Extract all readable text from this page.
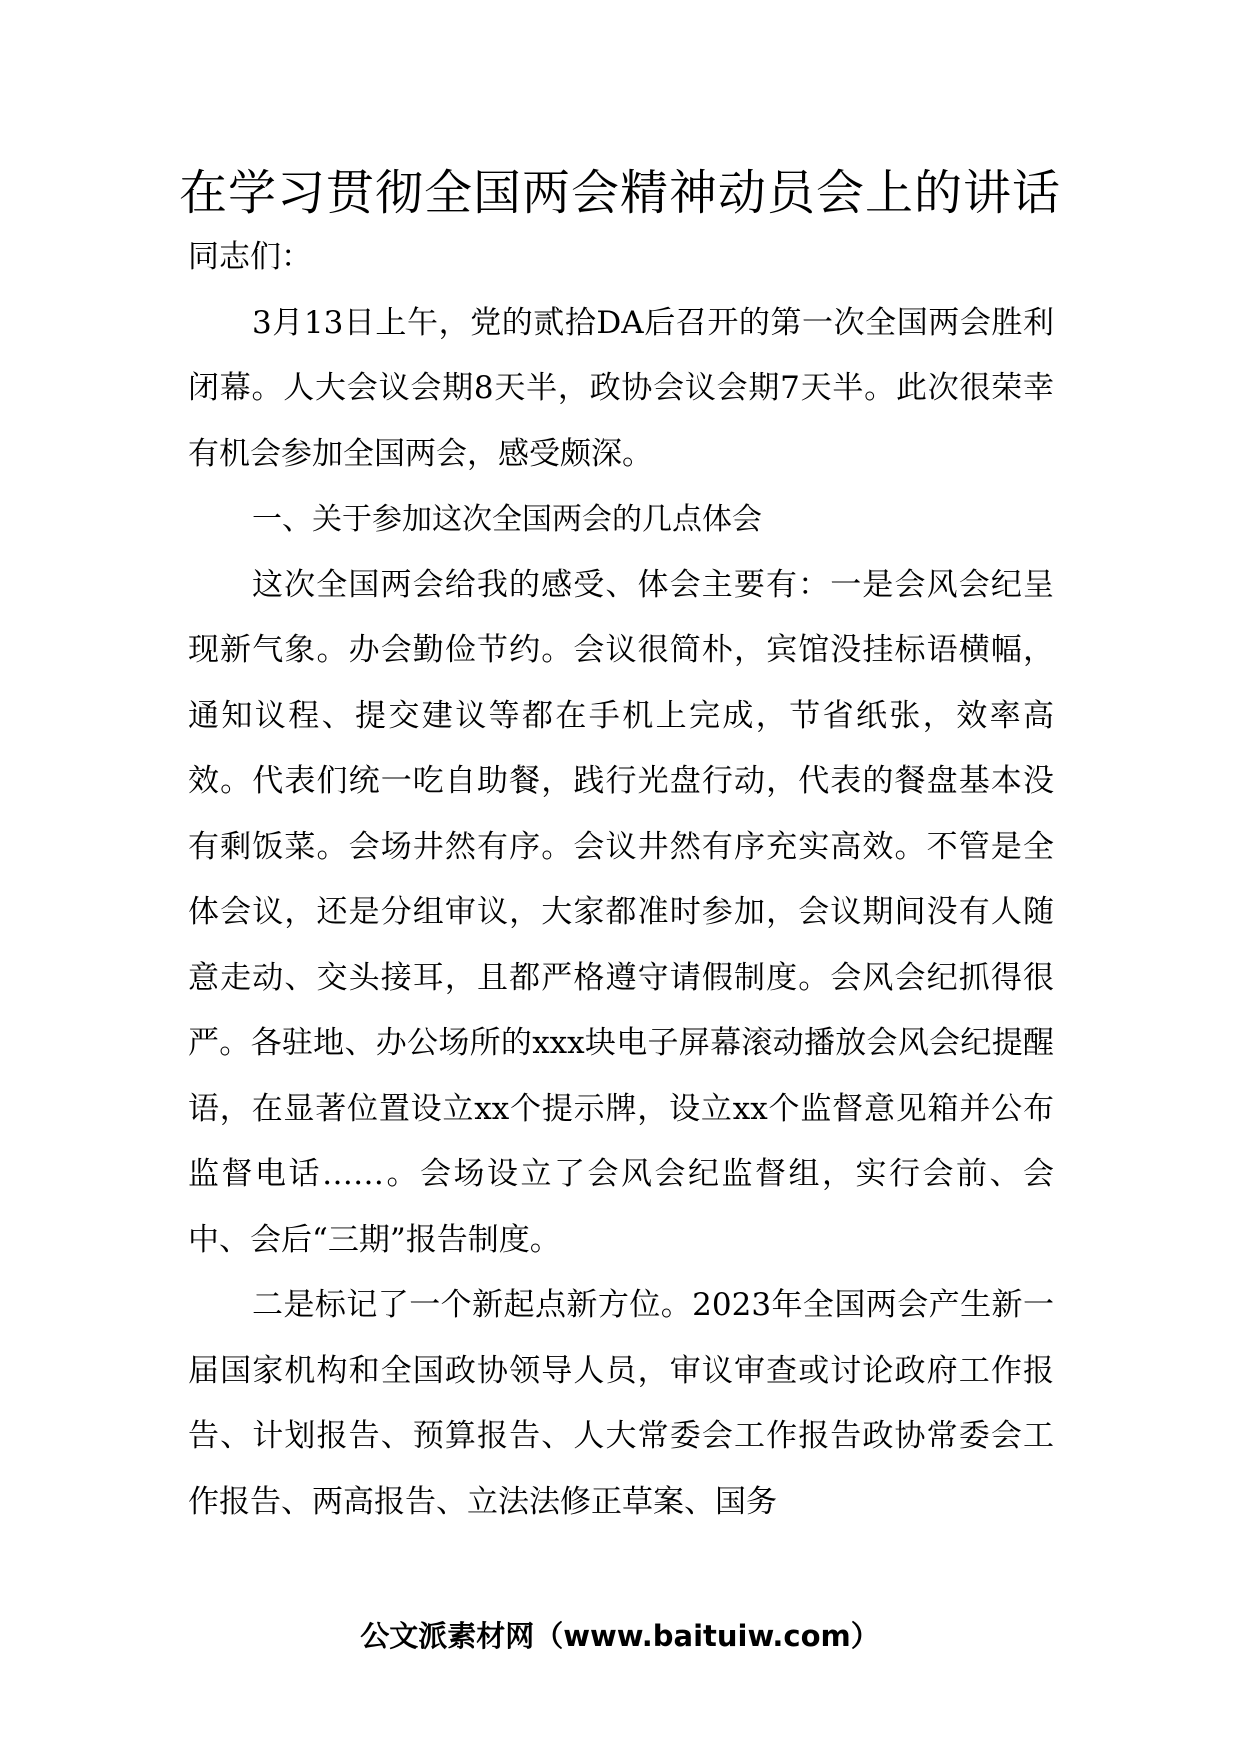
在学习贯彻全国两会精神动员会上的讲话

同志们：

3月13日上午，党的贰拾DA后召开的第一次全国两会胜利闭幕。人大会议会期8天半，政协会议会期7天半。此次很荣幸有机会参加全国两会，感受颇深。

一、关于参加这次全国两会的几点体会

这次全国两会给我的感受、体会主要有：一是会风会纪呈现新气象。办会勤俭节约。会议很简朴，宾馆没挂标语横幅，通知议程、提交建议等都在手机上完成，节省纸张，效率高效。代表们统一吃自助餐，践行光盘行动，代表的餐盘基本没有剩饭菜。会场井然有序。会议井然有序充实高效。不管是全体会议，还是分组审议，大家都准时参加，会议期间没有人随意走动、交头接耳，且都严格遵守请假制度。会风会纪抓得很严。各驻地、办公场所的xxx块电子屏幕滚动播放会风会纪提醒语，在显著位置设立xx个提示牌，设立xx个监督意见箱并公布监督电话……。会场设立了会风会纪监督组，实行会前、会中、会后“三期”报告制度。

二是标记了一个新起点新方位。2023年全国两会产生新一届国家机构和全国政协领导人员，审议审查或讨论政府工作报告、计划报告、预算报告、人大常委会工作报告政协常委会工作报告、两高报告、立法法修正草案、国务

公文派素材网（www.baituiw.com）
